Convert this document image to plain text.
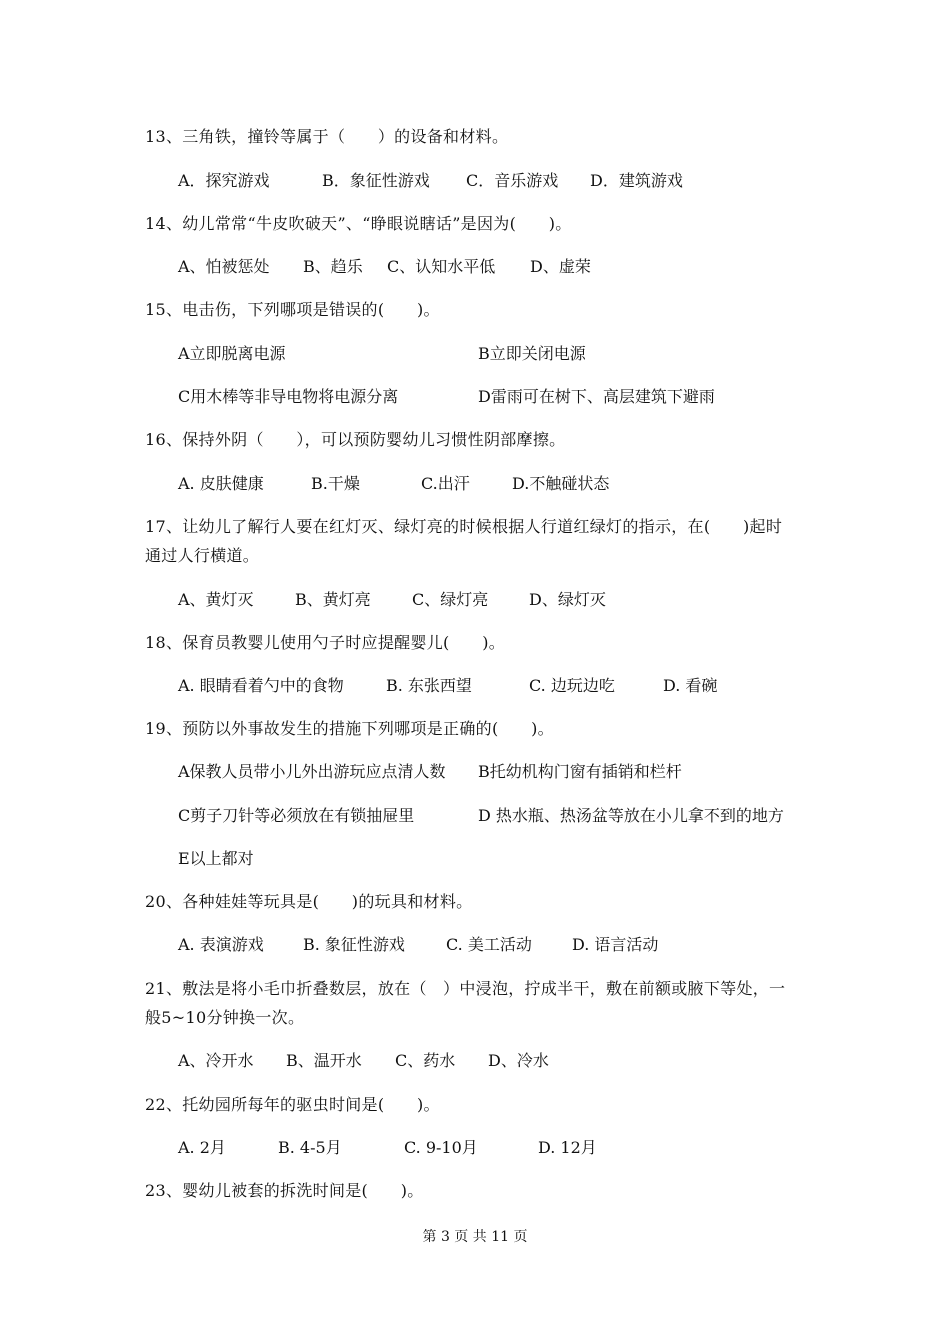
13、三角铁，撞铃等属于（　　）的设备和材料。
A．探究游戏	B．象征性游戏 C．音乐游戏 D．建筑游戏
14、幼儿常常“牛皮吹破天”、“睁眼说瞎话”是因为(　　)。
A、怕被惩处 B、趋乐 C、认知水平低 D、虚荣
15、电击伤，下列哪项是错误的(　　)。
A立即脱离电源	B立即关闭电源
C用木棒等非导电物将电源分离	D雷雨可在树下、高层建筑下避雨
16、保持外阴（　　），可以预防婴幼儿习惯性阴部摩擦。
A. 皮肤健康	B.干燥	C.出汗	D.不触碰状态
17、让幼儿了解行人要在红灯灭、绿灯亮的时候根据人行道红绿灯的指示，在(　　)起时
通过人行横道。
A、黄灯灭	B、黄灯亮	C、绿灯亮	D、绿灯灭
18、保育员教婴儿使用勺子时应提醒婴儿(　　)。
A. 眼睛看着勺中的食物	B. 东张西望	C. 边玩边吃	D. 看碗
19、预防以外事故发生的措施下列哪项是正确的(　　)。
A保教人员带小儿外出游玩应点清人数 B托幼机构门窗有插销和栏杆
C剪子刀针等必须放在有锁抽屉里	D 热水瓶、热汤盆等放在小儿拿不到的地方
E以上都对
20、各种娃娃等玩具是(　　)的玩具和材料。
A. 表演游戏 B. 象征性游戏	C. 美工活动	D. 语言活动
21、敷法是将小毛巾折叠数层，放在（　）中浸泡，拧成半干，敷在前额或腋下等处，一
般5~10分钟换一次。
A、冷开水 B、温开水 C、药水 D、冷水
22、托幼园所每年的驱虫时间是(　　)。
A. 2月	B. 4-5月	C. 9-10月	D. 12月
23、婴幼儿被套的拆洗时间是(　　)。
第 3 页 共 11 页
